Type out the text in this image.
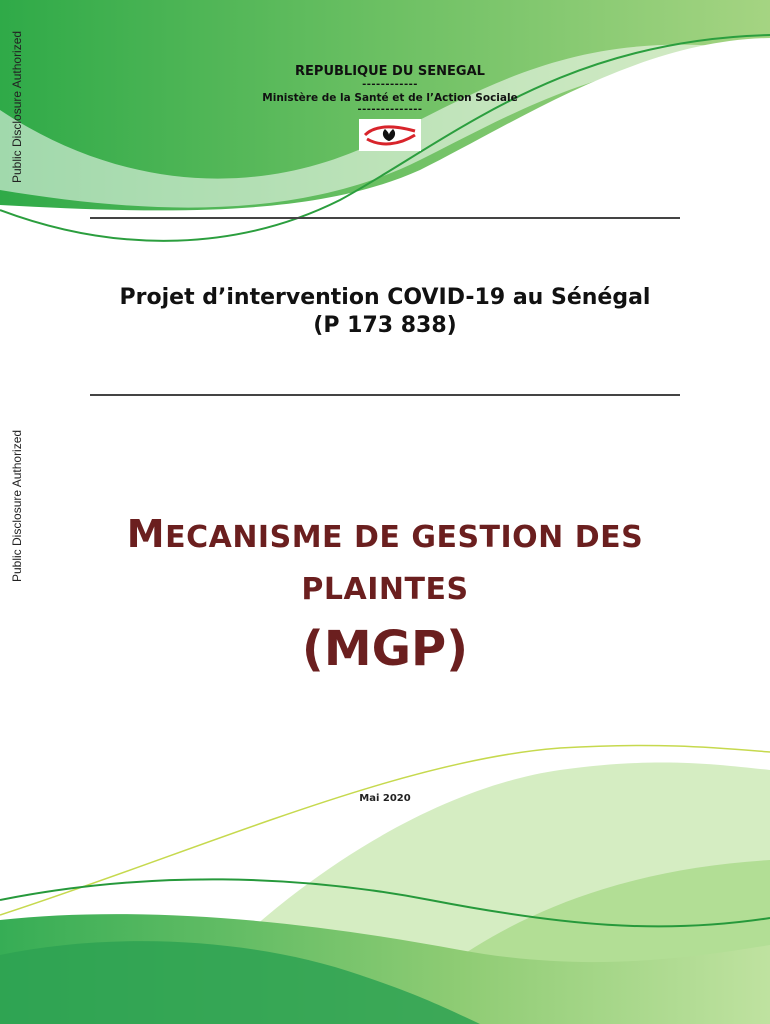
Public Disclosure Authorized
Public Disclosure Authorized
REPUBLIQUE DU SENEGAL
------------
Ministère de la Santé et de l’Action Sociale
--------------
Projet d’intervention COVID-19 au Sénégal
(P 173 838)
MECANISME DE GESTION DES
PLAINTES
(MGP)
Mai 2020
